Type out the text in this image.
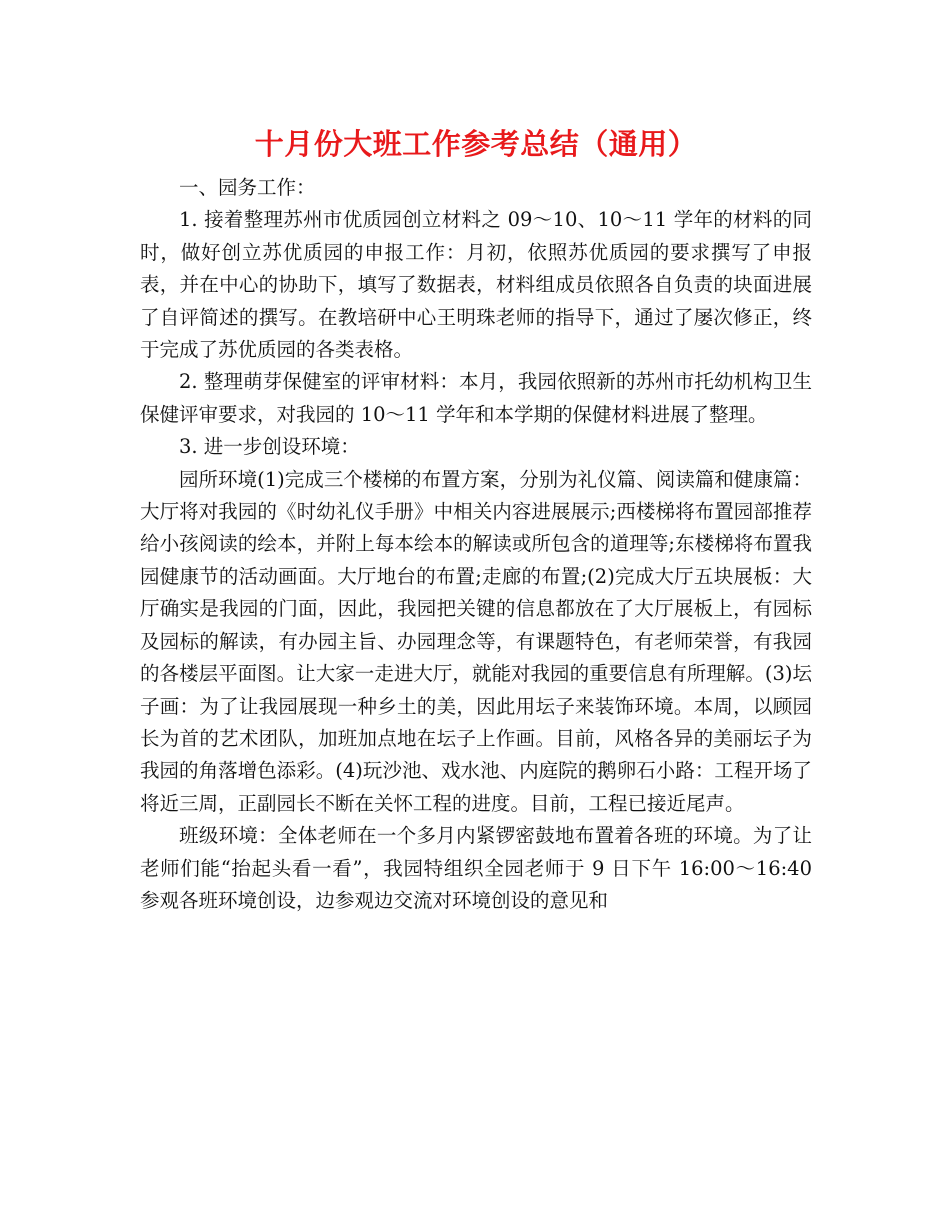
十月份大班工作参考总结（通用）

一、园务工作：

1. 接着整理苏州市优质园创立材料之 09～10、10～11 学年的材料的同时，做好创立苏优质园的申报工作：月初，依照苏优质园的要求撰写了申报表，并在中心的协助下，填写了数据表，材料组成员依照各自负责的块面进展了自评简述的撰写。在教培研中心王明珠老师的指导下，通过了屡次修正，终于完成了苏优质园的各类表格。

2. 整理萌芽保健室的评审材料：本月，我园依照新的苏州市托幼机构卫生保健评审要求，对我园的 10～11 学年和本学期的保健材料进展了整理。

3. 进一步创设环境：

园所环境(1)完成三个楼梯的布置方案，分别为礼仪篇、阅读篇和健康篇：大厅将对我园的《时幼礼仪手册》中相关内容进展展示;西楼梯将布置园部推荐给小孩阅读的绘本，并附上每本绘本的解读或所包含的道理等;东楼梯将布置我园健康节的活动画面。大厅地台的布置;走廊的布置;(2)完成大厅五块展板：大厅确实是我园的门面，因此，我园把关键的信息都放在了大厅展板上，有园标及园标的解读，有办园主旨、办园理念等，有课题特色，有老师荣誉，有我园的各楼层平面图。让大家一走进大厅，就能对我园的重要信息有所理解。(3)坛子画：为了让我园展现一种乡土的美，因此用坛子来装饰环境。本周，以顾园长为首的艺术团队，加班加点地在坛子上作画。目前，风格各异的美丽坛子为我园的角落增色添彩。(4)玩沙池、戏水池、内庭院的鹅卵石小路：工程开场了将近三周，正副园长不断在关怀工程的进度。目前，工程已接近尾声。

班级环境：全体老师在一个多月内紧锣密鼓地布置着各班的环境。为了让老师们能“抬起头看一看”，我园特组织全园老师于 9 日下午 16:00～16:40 参观各班环境创设，边参观边交流对环境创设的意见和
